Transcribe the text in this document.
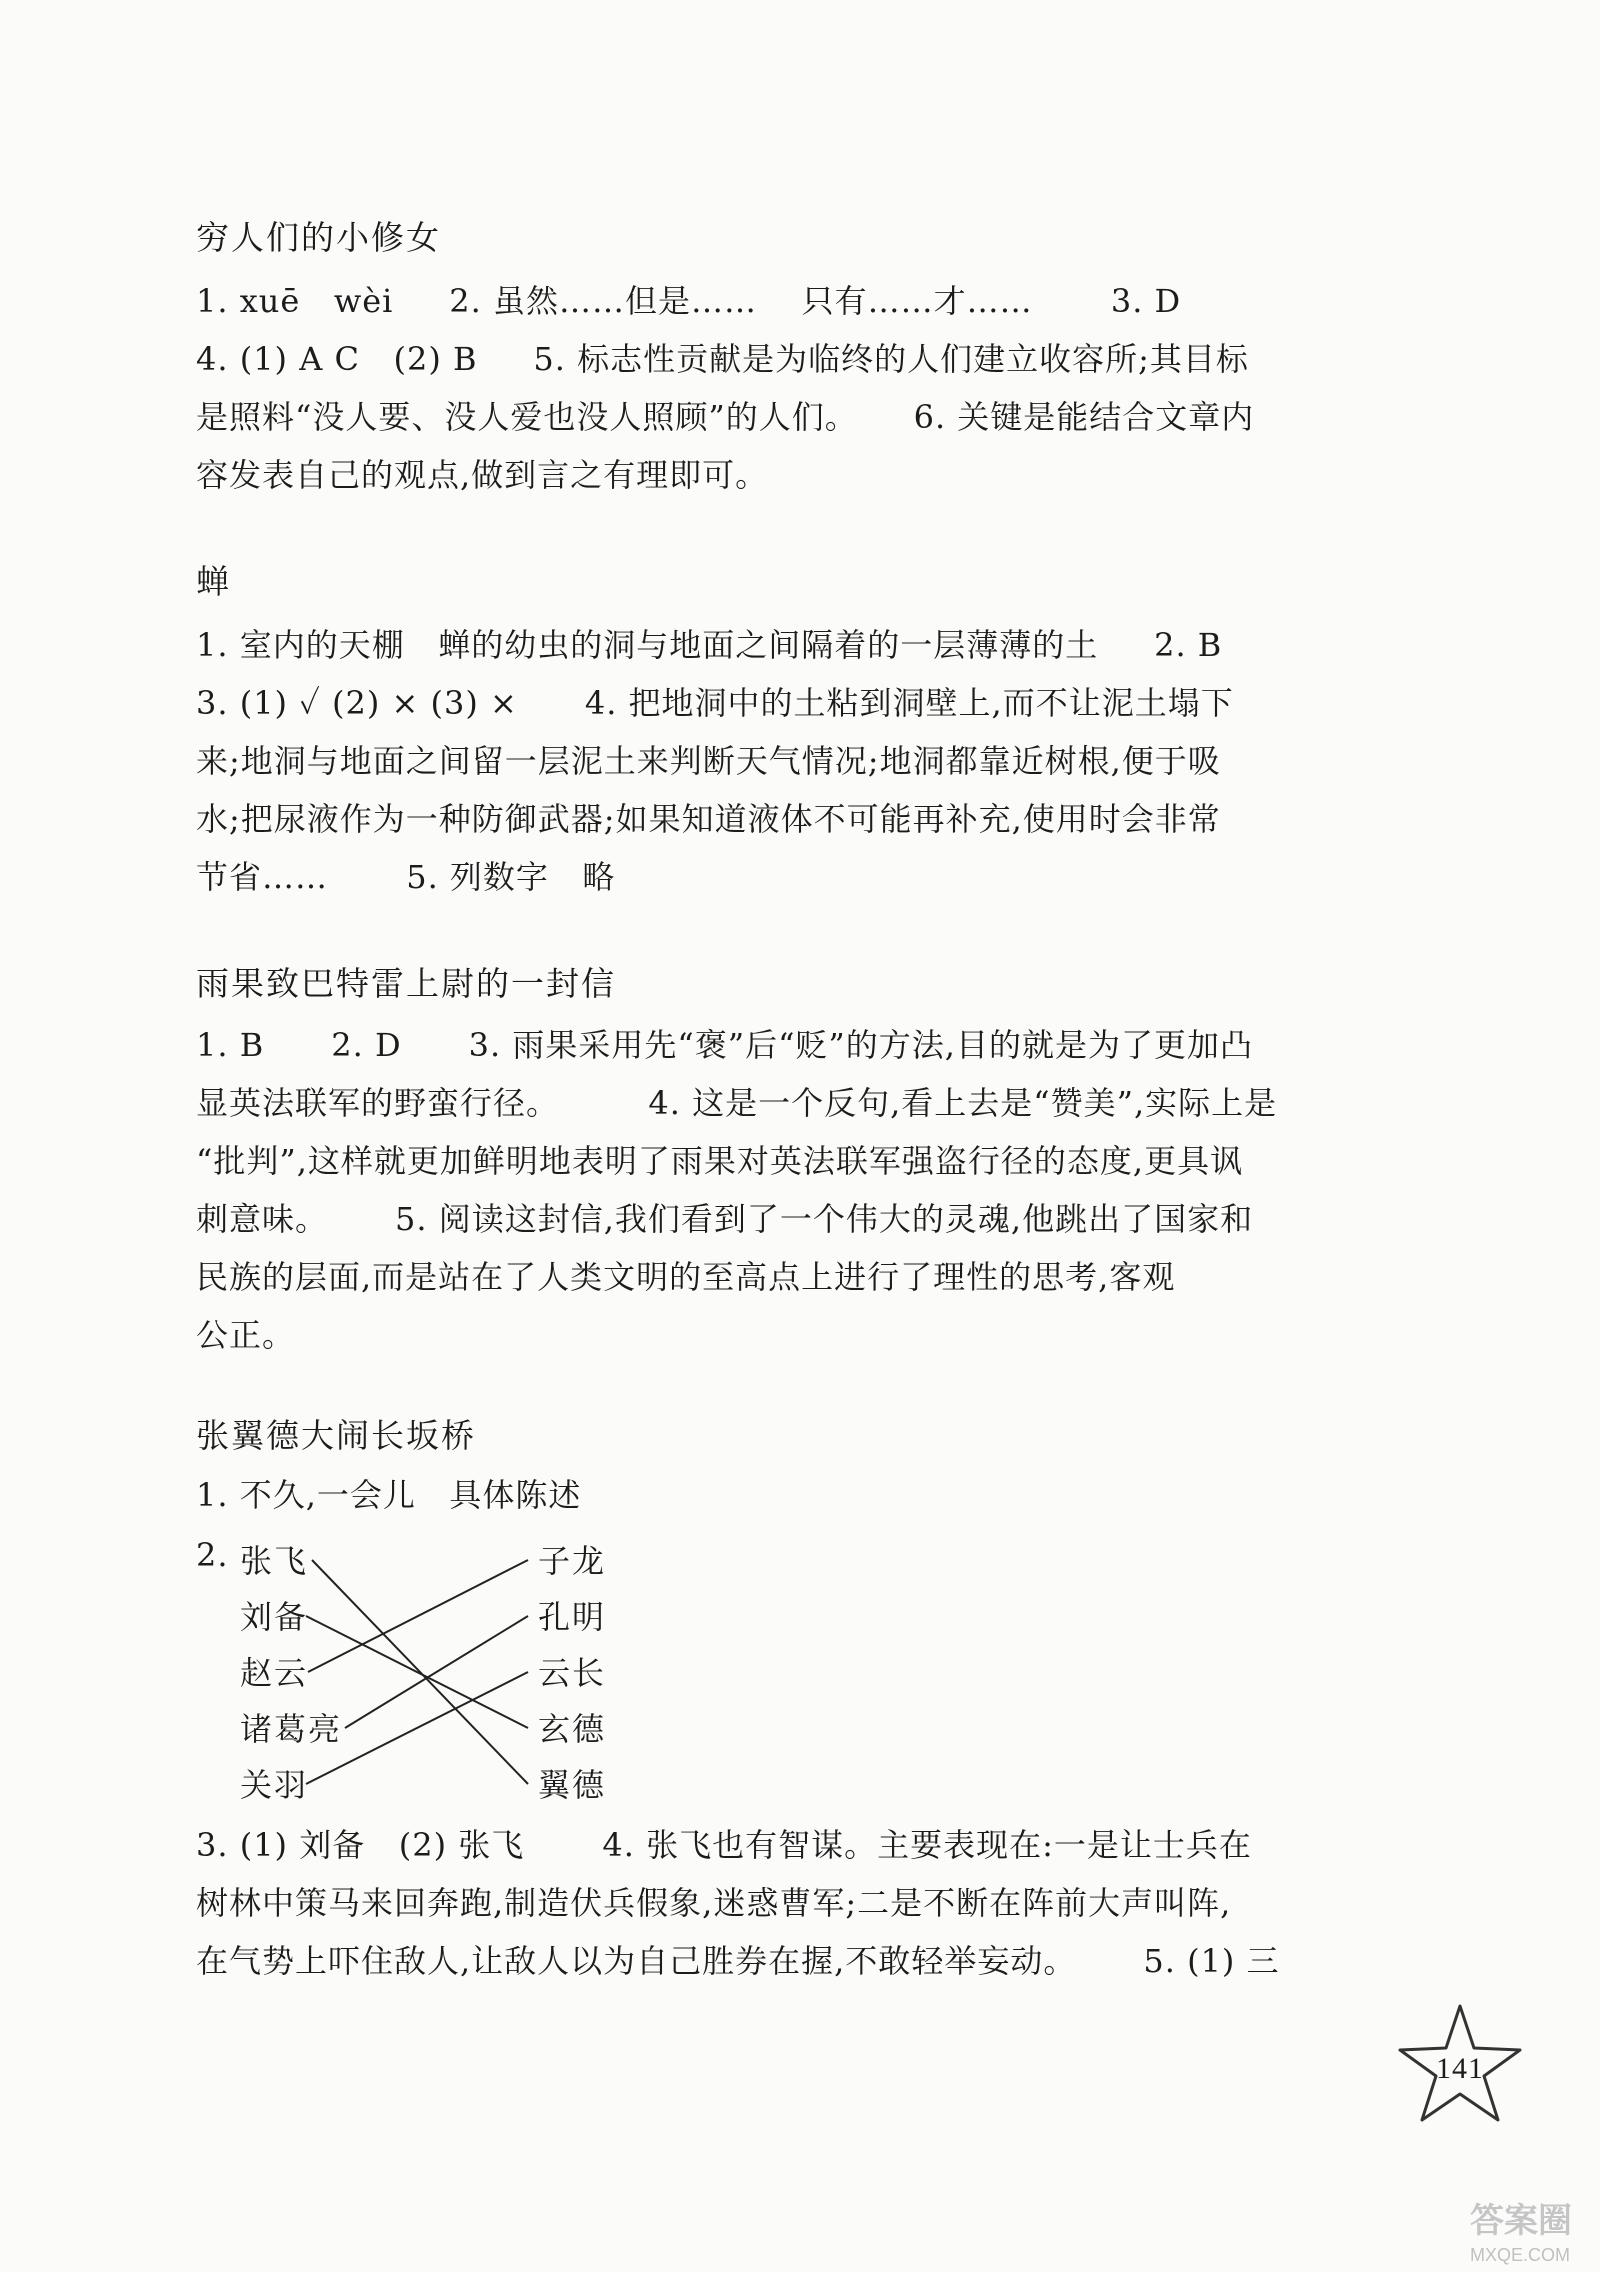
穷人们的小修女
1. xuē   wèi     2. 虽然……但是……    只有……才……       3. D
4. (1) A C   (2) B     5. 标志性贡献是为临终的人们建立收容所;其目标
是照料“没人要、没人爱也没人照顾”的人们。     6. 关键是能结合文章内
容发表自己的观点,做到言之有理即可。
蝉
1. 室内的天棚   蝉的幼虫的洞与地面之间隔着的一层薄薄的土     2. B
3. (1) ✓ (2) × (3) ×      4. 把地洞中的土粘到洞壁上,而不让泥土塌下
来;地洞与地面之间留一层泥土来判断天气情况;地洞都靠近树根,便于吸
水;把尿液作为一种防御武器;如果知道液体不可能再补充,使用时会非常
节省……       5. 列数字   略
雨果致巴特雷上尉的一封信
1. B      2. D      3. 雨果采用先“褒”后“贬”的方法,目的就是为了更加凸
显英法联军的野蛮行径。        4. 这是一个反句,看上去是“赞美”,实际上是
“批判”,这样就更加鲜明地表明了雨果对英法联军强盗行径的态度,更具讽
刺意味。      5. 阅读这封信,我们看到了一个伟大的灵魂,他跳出了国家和
民族的层面,而是站在了人类文明的至高点上进行了理性的思考,客观
公正。
张翼德大闹长坂桥
1. 不久,一会儿   具体陈述
2. 张飞
刘备
赵云
诸葛亮
关羽
子龙
孔明
云长
玄德
翼德
3. (1) 刘备   (2) 张飞       4. 张飞也有智谋。主要表现在:一是让士兵在
树林中策马来回奔跑,制造伏兵假象,迷惑曹军;二是不断在阵前大声叫阵,
在气势上吓住敌人,让敌人以为自己胜券在握,不敢轻举妄动。      5. (1) 三
141
答案圈
MXQE.COM
